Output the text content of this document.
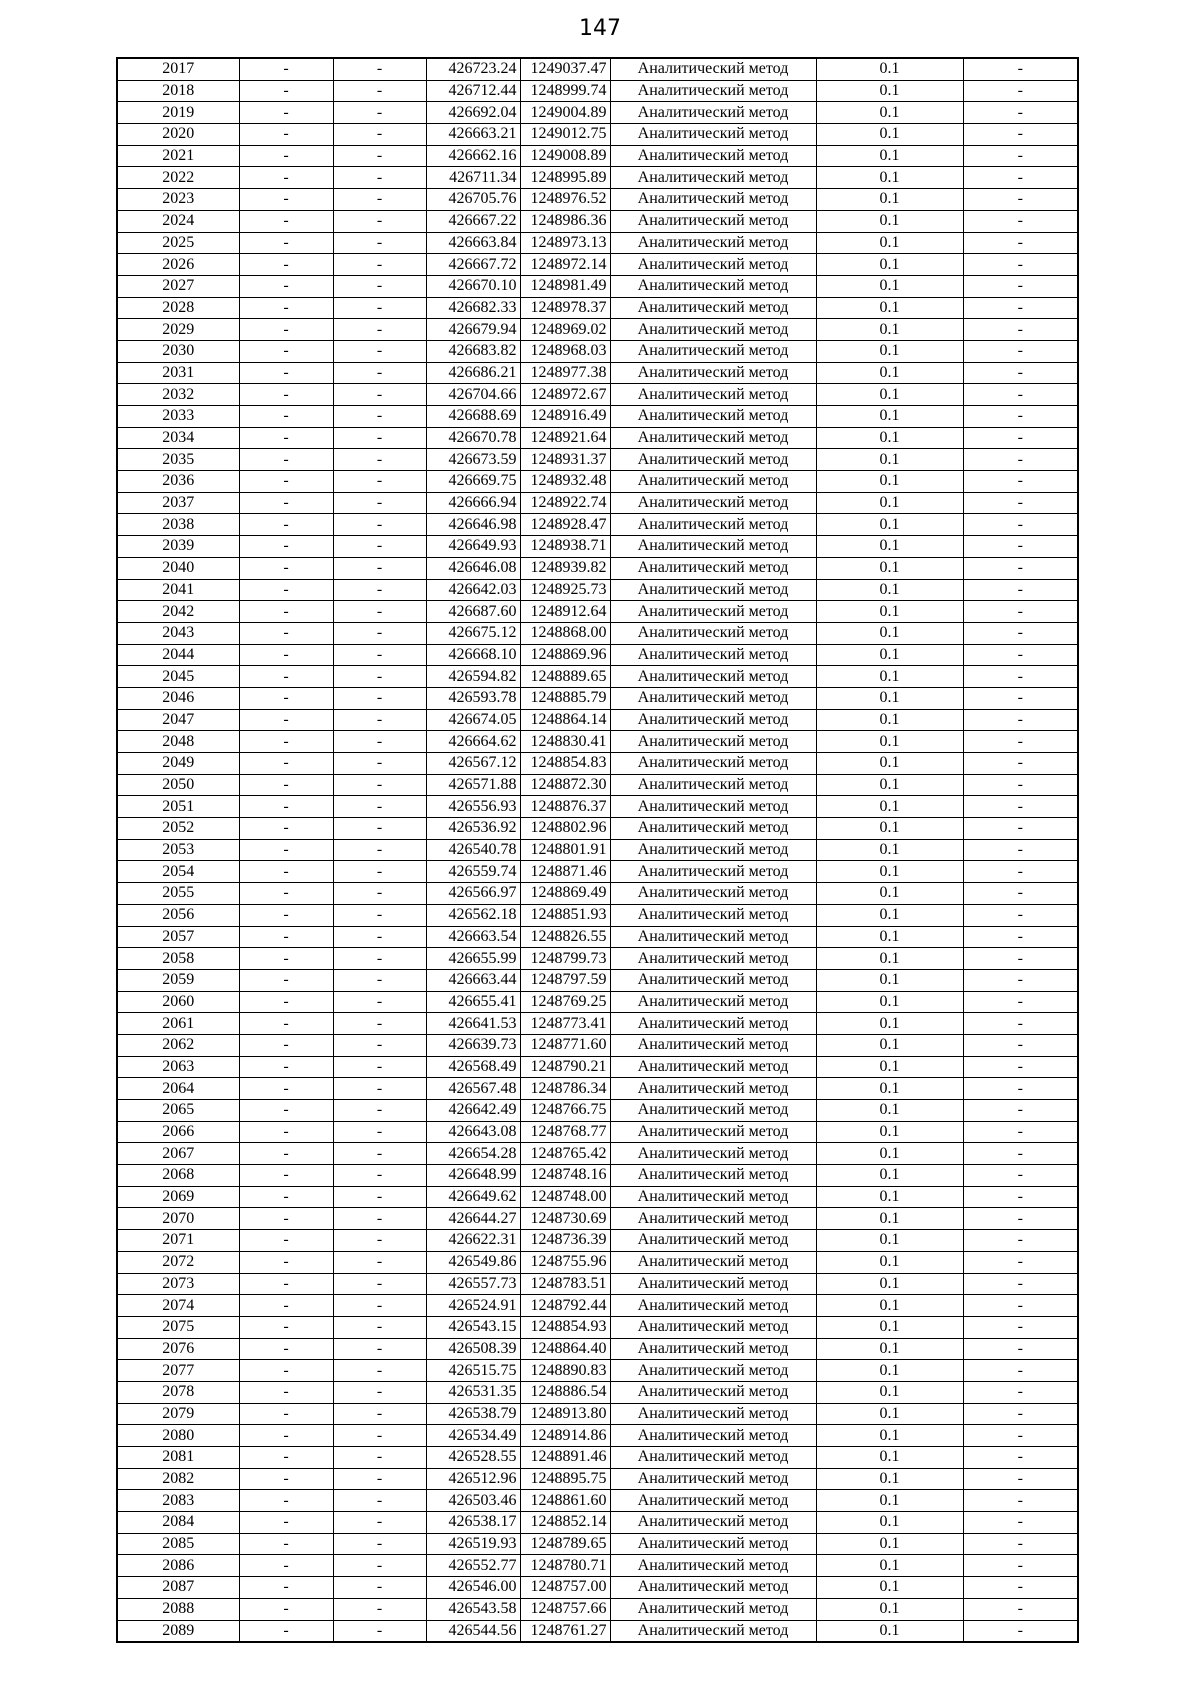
147
2017	-	-	426723.24	1249037.47	Аналитический метод	0.1	-
2018	-	-	426712.44	1248999.74	Аналитический метод	0.1	-
2019	-	-	426692.04	1249004.89	Аналитический метод	0.1	-
2020	-	-	426663.21	1249012.75	Аналитический метод	0.1	-
2021	-	-	426662.16	1249008.89	Аналитический метод	0.1	-
2022	-	-	426711.34	1248995.89	Аналитический метод	0.1	-
2023	-	-	426705.76	1248976.52	Аналитический метод	0.1	-
2024	-	-	426667.22	1248986.36	Аналитический метод	0.1	-
2025	-	-	426663.84	1248973.13	Аналитический метод	0.1	-
2026	-	-	426667.72	1248972.14	Аналитический метод	0.1	-
2027	-	-	426670.10	1248981.49	Аналитический метод	0.1	-
2028	-	-	426682.33	1248978.37	Аналитический метод	0.1	-
2029	-	-	426679.94	1248969.02	Аналитический метод	0.1	-
2030	-	-	426683.82	1248968.03	Аналитический метод	0.1	-
2031	-	-	426686.21	1248977.38	Аналитический метод	0.1	-
2032	-	-	426704.66	1248972.67	Аналитический метод	0.1	-
2033	-	-	426688.69	1248916.49	Аналитический метод	0.1	-
2034	-	-	426670.78	1248921.64	Аналитический метод	0.1	-
2035	-	-	426673.59	1248931.37	Аналитический метод	0.1	-
2036	-	-	426669.75	1248932.48	Аналитический метод	0.1	-
2037	-	-	426666.94	1248922.74	Аналитический метод	0.1	-
2038	-	-	426646.98	1248928.47	Аналитический метод	0.1	-
2039	-	-	426649.93	1248938.71	Аналитический метод	0.1	-
2040	-	-	426646.08	1248939.82	Аналитический метод	0.1	-
2041	-	-	426642.03	1248925.73	Аналитический метод	0.1	-
2042	-	-	426687.60	1248912.64	Аналитический метод	0.1	-
2043	-	-	426675.12	1248868.00	Аналитический метод	0.1	-
2044	-	-	426668.10	1248869.96	Аналитический метод	0.1	-
2045	-	-	426594.82	1248889.65	Аналитический метод	0.1	-
2046	-	-	426593.78	1248885.79	Аналитический метод	0.1	-
2047	-	-	426674.05	1248864.14	Аналитический метод	0.1	-
2048	-	-	426664.62	1248830.41	Аналитический метод	0.1	-
2049	-	-	426567.12	1248854.83	Аналитический метод	0.1	-
2050	-	-	426571.88	1248872.30	Аналитический метод	0.1	-
2051	-	-	426556.93	1248876.37	Аналитический метод	0.1	-
2052	-	-	426536.92	1248802.96	Аналитический метод	0.1	-
2053	-	-	426540.78	1248801.91	Аналитический метод	0.1	-
2054	-	-	426559.74	1248871.46	Аналитический метод	0.1	-
2055	-	-	426566.97	1248869.49	Аналитический метод	0.1	-
2056	-	-	426562.18	1248851.93	Аналитический метод	0.1	-
2057	-	-	426663.54	1248826.55	Аналитический метод	0.1	-
2058	-	-	426655.99	1248799.73	Аналитический метод	0.1	-
2059	-	-	426663.44	1248797.59	Аналитический метод	0.1	-
2060	-	-	426655.41	1248769.25	Аналитический метод	0.1	-
2061	-	-	426641.53	1248773.41	Аналитический метод	0.1	-
2062	-	-	426639.73	1248771.60	Аналитический метод	0.1	-
2063	-	-	426568.49	1248790.21	Аналитический метод	0.1	-
2064	-	-	426567.48	1248786.34	Аналитический метод	0.1	-
2065	-	-	426642.49	1248766.75	Аналитический метод	0.1	-
2066	-	-	426643.08	1248768.77	Аналитический метод	0.1	-
2067	-	-	426654.28	1248765.42	Аналитический метод	0.1	-
2068	-	-	426648.99	1248748.16	Аналитический метод	0.1	-
2069	-	-	426649.62	1248748.00	Аналитический метод	0.1	-
2070	-	-	426644.27	1248730.69	Аналитический метод	0.1	-
2071	-	-	426622.31	1248736.39	Аналитический метод	0.1	-
2072	-	-	426549.86	1248755.96	Аналитический метод	0.1	-
2073	-	-	426557.73	1248783.51	Аналитический метод	0.1	-
2074	-	-	426524.91	1248792.44	Аналитический метод	0.1	-
2075	-	-	426543.15	1248854.93	Аналитический метод	0.1	-
2076	-	-	426508.39	1248864.40	Аналитический метод	0.1	-
2077	-	-	426515.75	1248890.83	Аналитический метод	0.1	-
2078	-	-	426531.35	1248886.54	Аналитический метод	0.1	-
2079	-	-	426538.79	1248913.80	Аналитический метод	0.1	-
2080	-	-	426534.49	1248914.86	Аналитический метод	0.1	-
2081	-	-	426528.55	1248891.46	Аналитический метод	0.1	-
2082	-	-	426512.96	1248895.75	Аналитический метод	0.1	-
2083	-	-	426503.46	1248861.60	Аналитический метод	0.1	-
2084	-	-	426538.17	1248852.14	Аналитический метод	0.1	-
2085	-	-	426519.93	1248789.65	Аналитический метод	0.1	-
2086	-	-	426552.77	1248780.71	Аналитический метод	0.1	-
2087	-	-	426546.00	1248757.00	Аналитический метод	0.1	-
2088	-	-	426543.58	1248757.66	Аналитический метод	0.1	-
2089	-	-	426544.56	1248761.27	Аналитический метод	0.1	-
